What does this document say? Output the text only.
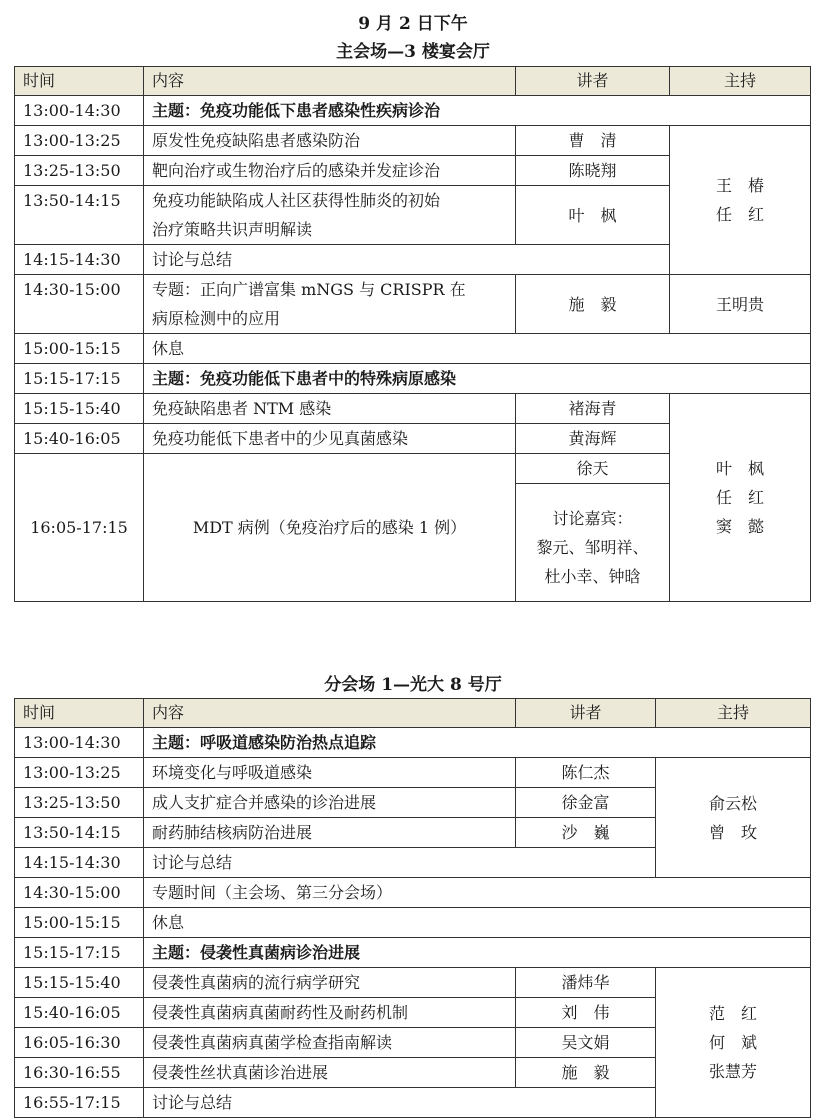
9 月 2 日下午
主会场—3 楼宴会厅
时间	内容	讲者	主持
13:00-14:30	主题：免疫功能低下患者感染性疾病诊治		
13:00-13:25	原发性免疫缺陷患者感染防治	曹　清	王　椿
任　红

13:25-13:50	靶向治疗或生物治疗后的感染并发症诊治	陈晓翔	
13:50-14:15	免疫功能缺陷成人社区获得性肺炎的初始
治疗策略共识声明解读	叶　枫	
14:15-14:30	讨论与总结		
14:30-15:00	专题：正向广谱富集 mNGS 与 CRISPR 在
病原检测中的应用	施　毅	王明贵
15:00-15:15	休息		
15:15-17:15	主题：免疫功能低下患者中的特殊病原感染		
15:15-15:40	免疫缺陷患者 NTM 感染	褚海青	叶　枫
任　红
窦　懿

15:40-16:05	免疫功能低下患者中的少见真菌感染	黄海辉	
16:05-17:15	MDT 病例（免疫治疗后的感染 1 例）	徐天	

		讨论嘉宾：
黎元、邹明祥、
杜小幸、钟晗	
分会场 1—光大 8 号厅
时间	内容	讲者	主持
13:00-14:30	主题：呼吸道感染防治热点追踪		
13:00-13:25	环境变化与呼吸道感染	陈仁杰	俞云松
曾　玫

13:25-13:50	成人支扩症合并感染的诊治进展	徐金富	
13:50-14:15	耐药肺结核病防治进展	沙　巍	
14:15-14:30	讨论与总结		
14:30-15:00	专题时间（主会场、第三分会场）		
15:00-15:15	休息		
15:15-17:15	主题：侵袭性真菌病诊治进展		
15:15-15:40	侵袭性真菌病的流行病学研究	潘炜华	范　红
何　斌
张慧芳

15:40-16:05	侵袭性真菌病真菌耐药性及耐药机制	刘　伟	
16:05-16:30	侵袭性真菌病真菌学检查指南解读	吴文娟	
16:30-16:55	侵袭性丝状真菌诊治进展	施　毅	
16:55-17:15	讨论与总结		
